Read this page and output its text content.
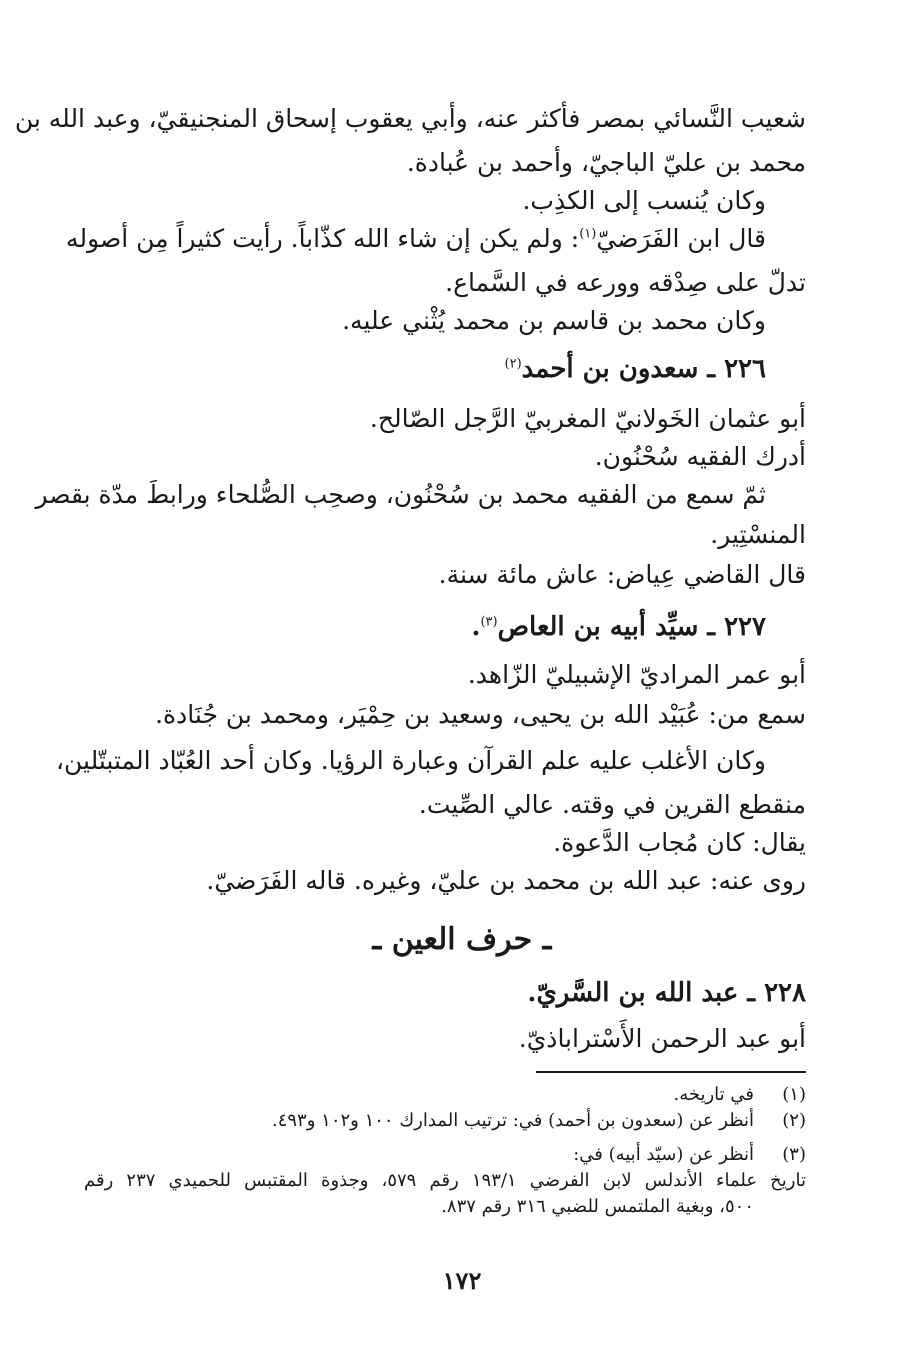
شعيب النَّسائي بمصر فأكثر عنه، وأبي يعقوب إسحاق المنجنيقيّ، وعبد الله بن
محمد بن عليّ الباجيّ، وأحمد بن عُبادة.
وكان يُنسب إلى الكذِب.
قال ابن الفَرَضيّ$^{(١)}$: ولم يكن إن شاء الله كذّاباً. رأيت كثيراً مِن أصوله
تدلّ على صِدْقه وورعه في السَّماع.
وكان محمد بن قاسم بن محمد يُثْني عليه.
٢٢٦ ـ سعدون بن أحمد$^{(٢)}$
أبو عثمان الخَولانيّ المغربيّ الرَّجل الصّالح.
أدرك الفقيه سُحْنُون.
ثمّ سمع من الفقيه محمد بن سُحْنُون، وصحِب الصُّلحاء ورابطَ مدّة بقصر
المنسْتِير.
قال القاضي عِياض: عاش مائة سنة.
٢٢٧ ـ سيِّد أبيه بن العاص$^{(٣)}$.
أبو عمر المراديّ الإشبيليّ الزّاهد.
سمع من: عُبَيْد الله بن يحيى، وسعيد بن حِمْيَر، ومحمد بن جُنَادة.
وكان الأغلب عليه علم القرآن وعبارة الرؤيا. وكان أحد العُبّاد المتبتّلين،
منقطع القرين في وقته. عالي الصِّيت.
يقال: كان مُجاب الدَّعوة.
روى عنه: عبد الله بن محمد بن عليّ، وغيره. قاله الفَرَضيّ.
ـ حرف العين ـ
٢٢٨ ـ عبد الله بن السَّريّ.
أبو عبد الرحمن الأَسْتراباذيّ.
(١)في تاريخه.
(٢)أنظر عن (سعدون بن أحمد) في: ترتيب المدارك ١٠٠ و١٠٢ و٤٩٣.
(٣)أنظر عن (سيّد أبيه) في:
تاريخ علماء الأندلس لابن الفرضي ١٩٣/١ رقم ٥٧٩، وجذوة المقتبس للحميدي ٢٣٧ رقم
٥٠٠، وبغية الملتمس للضبي ٣١٦ رقم ٨٣٧.
١٧٢
